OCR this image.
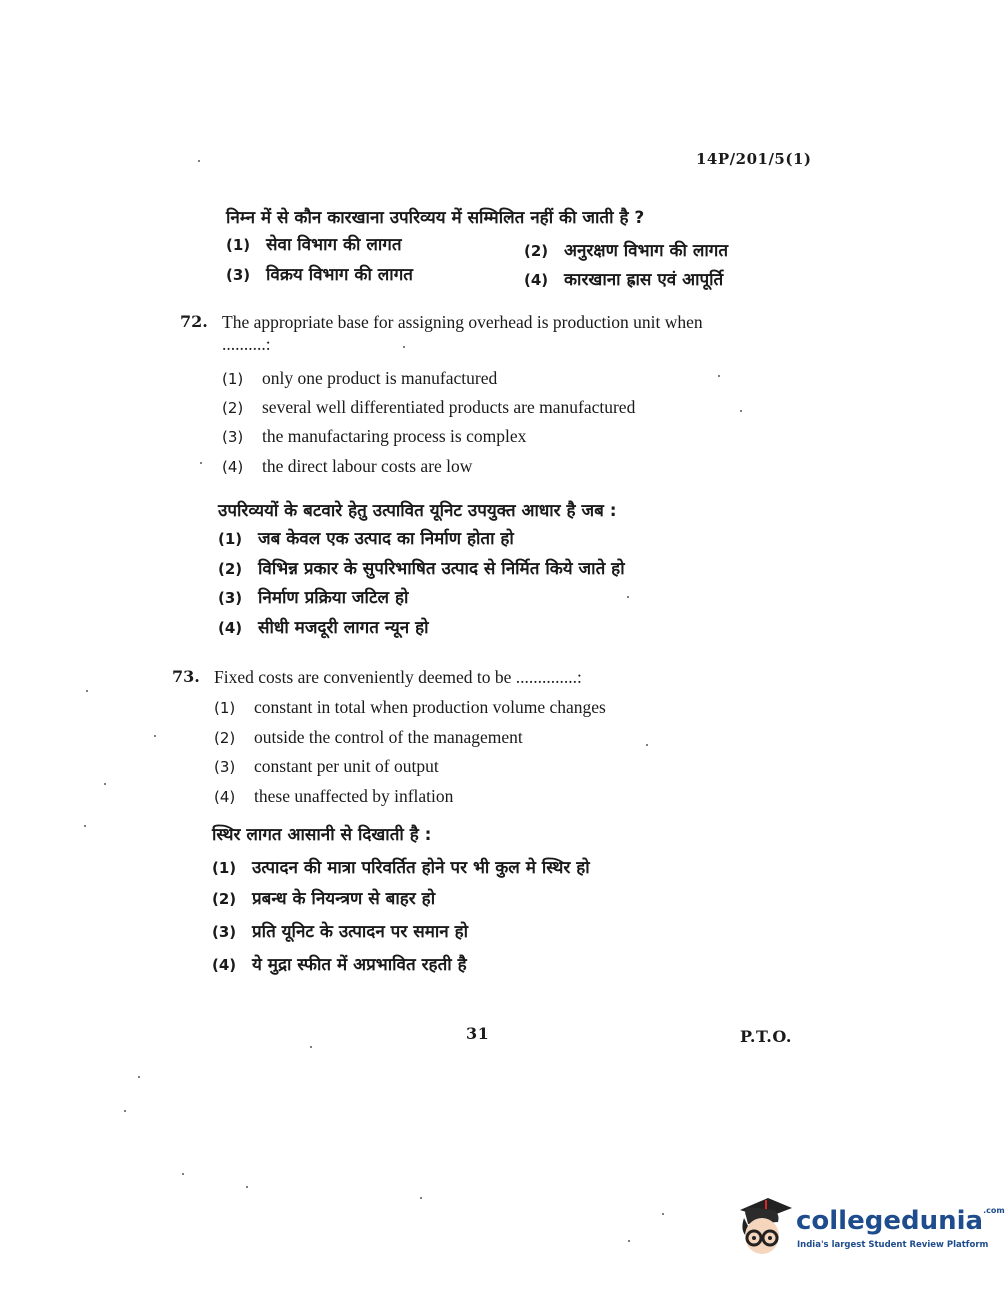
14P/201/5(1)
निम्न में से कौन कारखाना उपरिव्यय में सम्मिलित नहीं की जाती है ?
(1) सेवा विभाग की लागत	(2) अनुरक्षण विभाग की लागत
(3) विक्रय विभाग की लागत	(4) कारखाना ह्रास एवं आपूर्ति
72. The appropriate base for assigning overhead is production unit when
..........:
(1) only one product is manufactured
(2) several well differentiated products are manufactured
(3) the manufactaring process is complex
(4) the direct labour costs are low
उपरिव्ययों के बटवारे हेतु उत्पावित यूनिट उपयुक्त आधार है जब :
(1) जब केवल एक उत्पाद का निर्माण होता हो
(2) विभिन्न प्रकार के सुपरिभाषित उत्पाद से निर्मित किये जाते हो
(3) निर्माण प्रक्रिया जटिल हो
(4) सीधी मजदूरी लागत न्यून हो
73. Fixed costs are conveniently deemed to be ..............:
(1) constant in total when production volume changes
(2) outside the control of the management
(3) constant per unit of output
(4) these unaffected by inflation
स्थिर लागत आसानी से दिखाती है :
(1) उत्पादन की मात्रा परिवर्तित होने पर भी कुल मे स्थिर हो
(2) प्रबन्ध के नियन्त्रण से बाहर हो
(3) प्रति यूनिट के उत्पादन पर समान हो
(4) ये मुद्रा स्फीत में अप्रभावित रहती है
31	P.T.O.
collegedunia$^{.com}$
India's largest Student Review Platform
